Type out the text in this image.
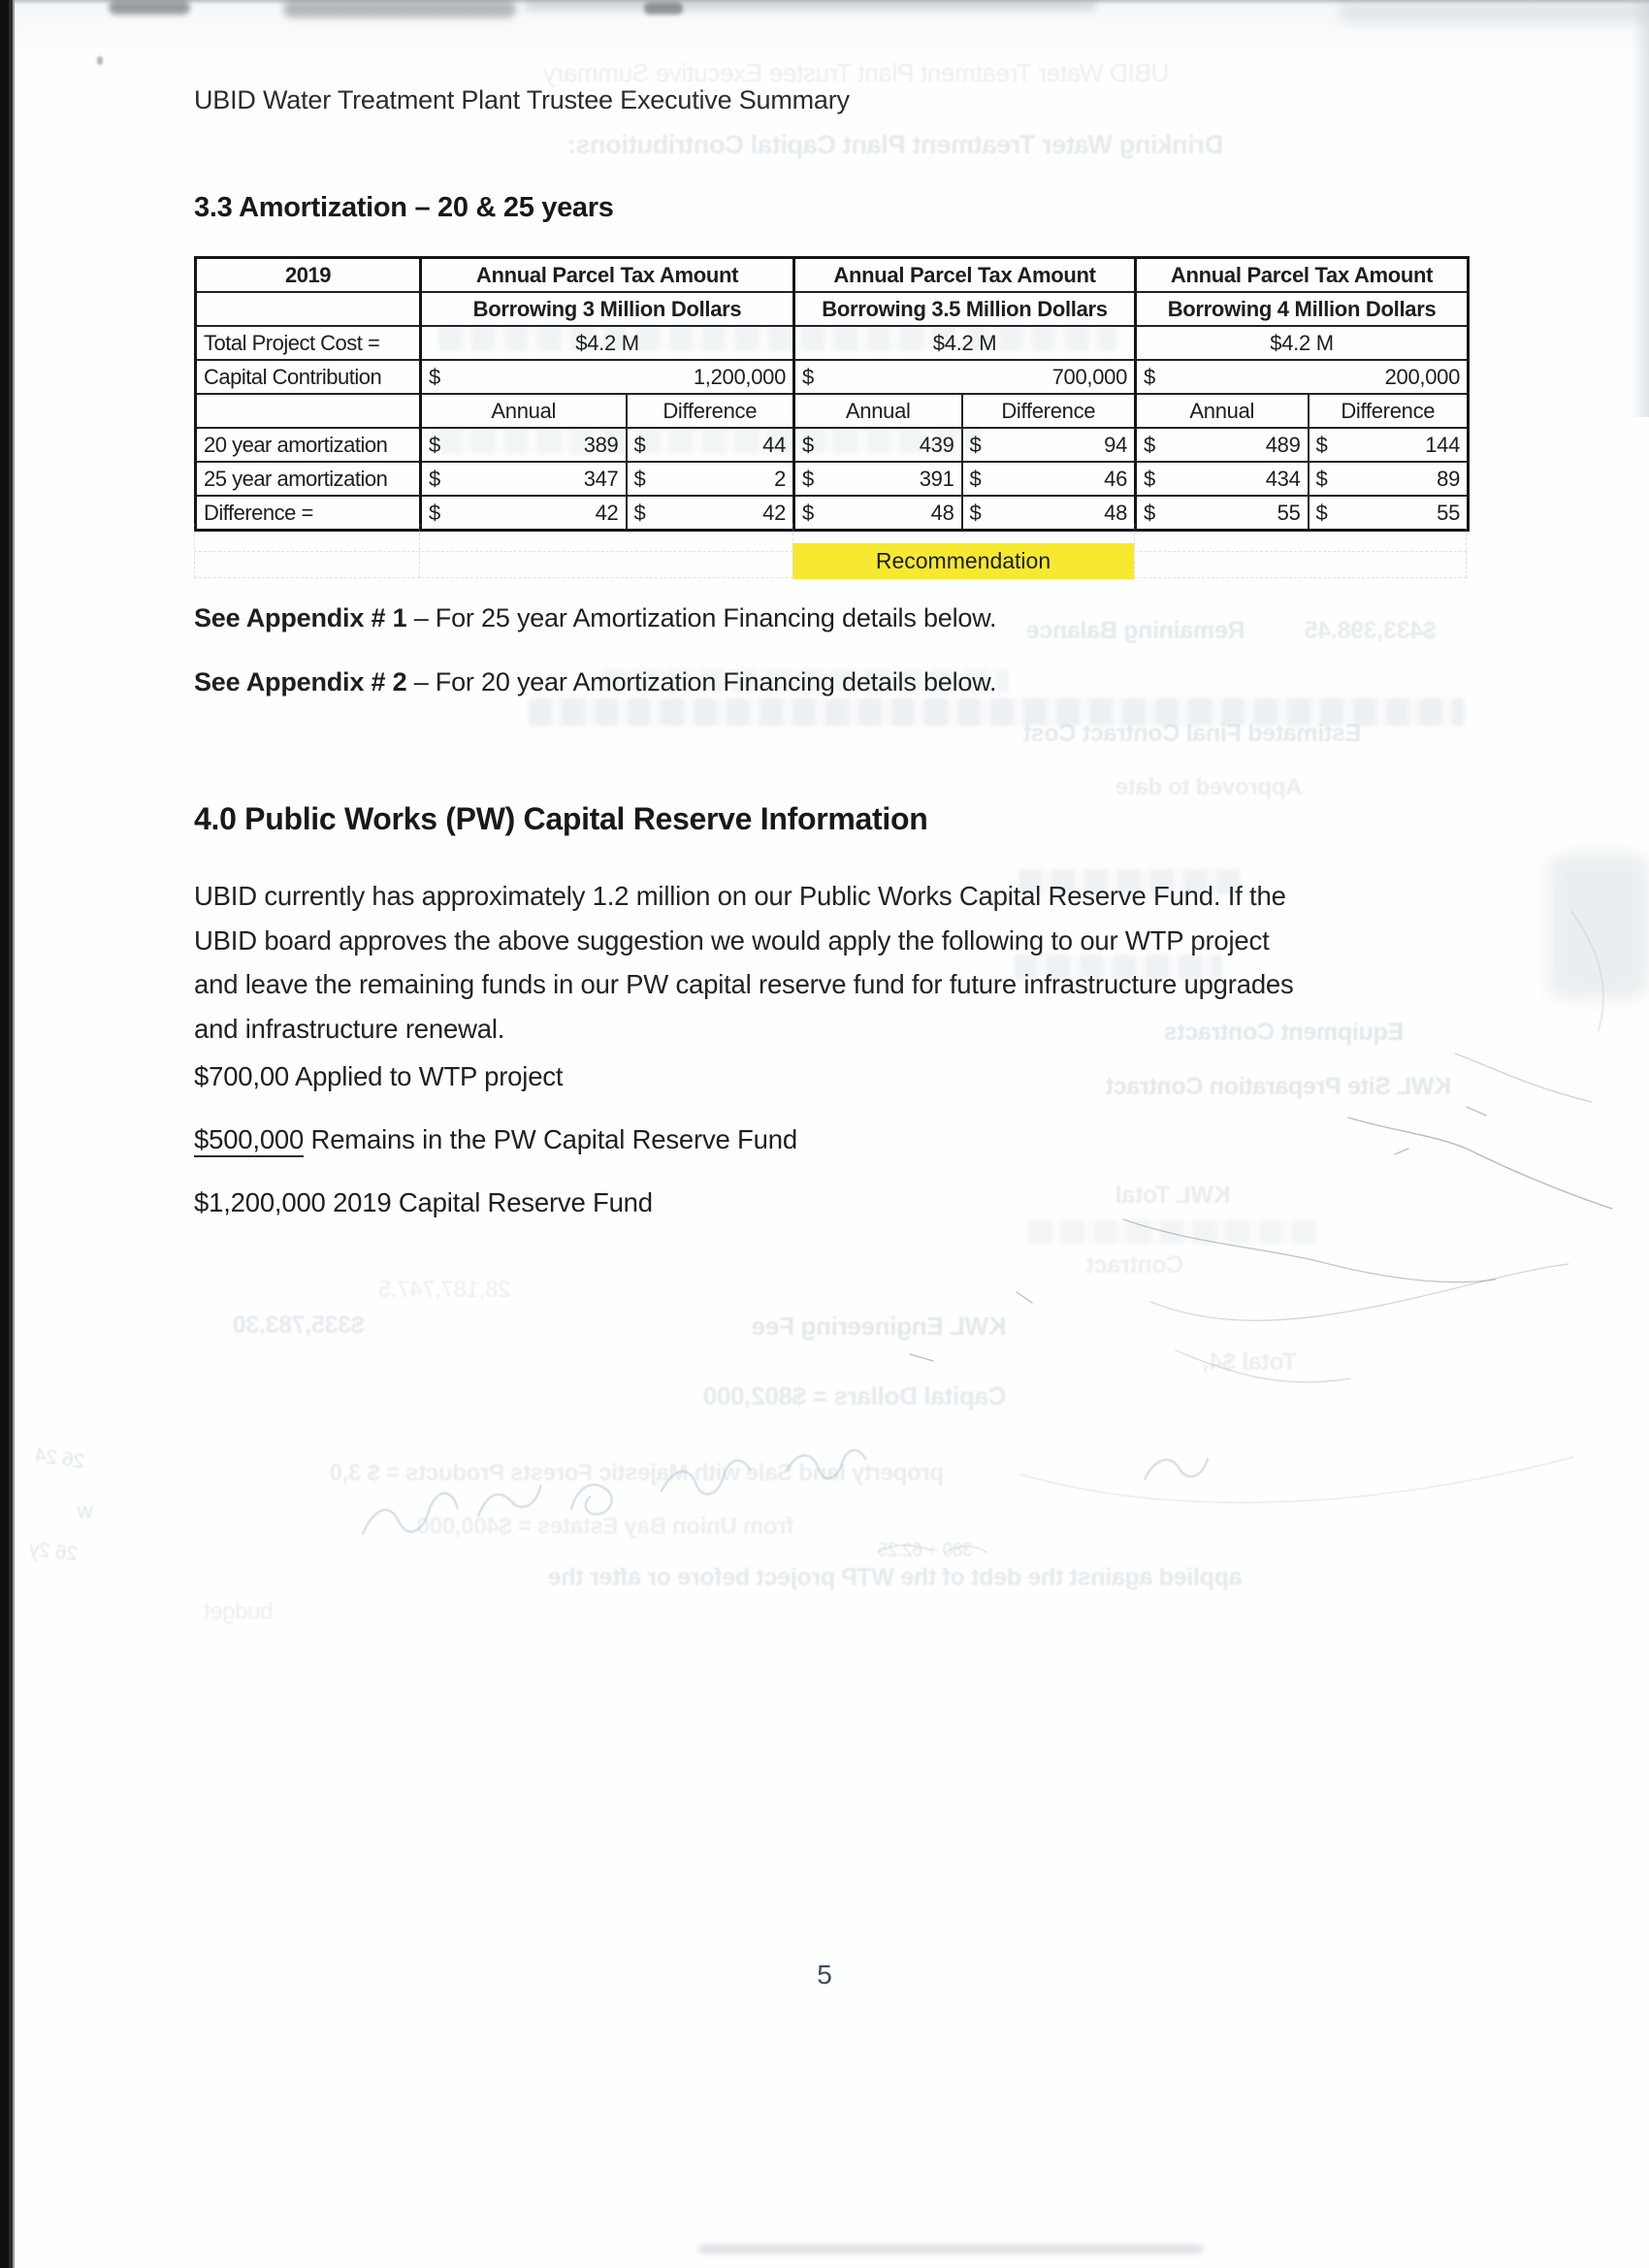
UBID Water Treatment Plant Trustee Executive Summary
Drinking Water Treatment Plant Capital Contributions:
Remaining Balance $433,398.45
Estimated Final Contract Cost
Approved to date
Equipment Contracts
KWL Site Preparation Contract
KWL Total
Contract
Total $4,
28,187,747.5
$335,783.30	KWL Engineering Fee
Capital Dollars = $802,000
property land Sale with Majestic Forests Products = $ 3,0
from Union Bay Estates = $400,000
applied against the debt of the WTP project before or after the
budget
26 24
w
26 2y	380 + 62.25
UBID Water Treatment Plant Trustee Executive Summary
3.3 Amortization – 20 & 25 years
2019	Annual Parcel Tax Amount		Annual Parcel Tax Amount		Annual Parcel Tax Amount	
	Borrowing 3 Million Dollars		Borrowing 3.5 Million Dollars		Borrowing 4 Million Dollars	
Total Project Cost =	$4.2 M		$4.2 M		$4.2 M	
Capital Contribution	$ 1,200,000		$ 700,000		$ 200,000	

	Annual	Difference	Annual	Difference	Annual	Difference
20 year amortization	$ 389	$ 44	$ 439	$ 94	$ 489	$ 144

25 year amortization	$ 347	$ 2	$ 391	$ 46	$ 434	$ 89

Difference =	$ 42	$ 42	$ 48	$ 48	$ 55	$ 55
Recommendation
See Appendix # 1 – For 25 year Amortization Financing details below.
See Appendix # 2 – For 20 year Amortization Financing details below.
4.0 Public Works (PW) Capital Reserve Information
UBID currently has approximately 1.2 million on our Public Works Capital Reserve Fund. If the
UBID board approves the above suggestion we would apply the following to our WTP project
and leave the remaining funds in our PW capital reserve fund for future infrastructure upgrades
and infrastructure renewal.
$700,00 Applied to WTP project
$500,000 Remains in the PW Capital Reserve Fund
$1,200,000 2019 Capital Reserve Fund
5
